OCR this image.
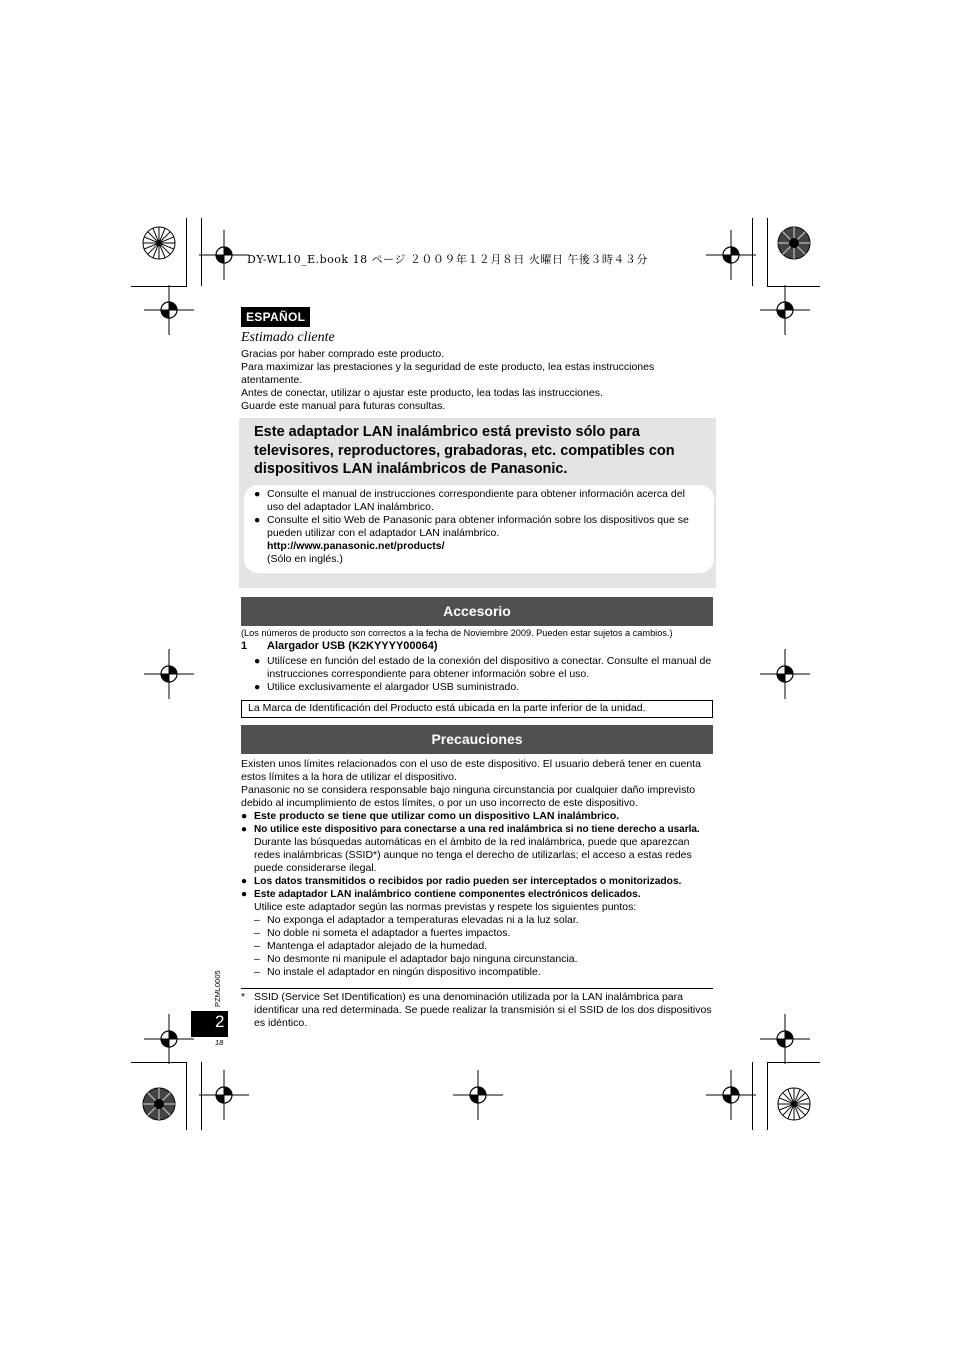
DY-WL10_E.book 18 ページ ２００９年１２月８日 火曜日 午後３時４３分
ESPAÑOL
Estimado cliente

Gracias por haber comprado este producto.

Para maximizar las prestaciones y la seguridad de este producto, lea estas instrucciones atentamente.

Antes de conectar, utilizar o ajustar este producto, lea todas las instrucciones.

Guarde este manual para futuras consultas.

Este adaptador LAN inalámbrico está previsto sólo para televisores, reproductores, grabadoras, etc. compatibles con dispositivos LAN inalámbricos de Panasonic.
● Consulte el manual de instrucciones correspondiente para obtener información acerca del uso del adaptador LAN inalámbrico.
● Consulte el sitio Web de Panasonic para obtener información sobre los dispositivos que se pueden utilizar con el adaptador LAN inalámbrico.
http://www.panasonic.net/products/
(Sólo en inglés.)
Accesorio
(Los números de producto son correctos a la fecha de Noviembre 2009. Pueden estar sujetos a cambios.)
1 Alargador USB (K2KYYYY00064)
● Utilícese en función del estado de la conexión del dispositivo a conectar. Consulte el manual de instrucciones correspondiente para obtener información sobre el uso.
● Utilice exclusivamente el alargador USB suministrado.
La Marca de Identificación del Producto está ubicada en la parte inferior de la unidad.
Precauciones

Existen unos límites relacionados con el uso de este dispositivo. El usuario deberá tener en cuenta estos límites a la hora de utilizar el dispositivo.

Panasonic no se considera responsable bajo ninguna circunstancia por cualquier daño imprevisto debido al incumplimiento de estos límites, o por un uso incorrecto de este dispositivo.

● Este producto se tiene que utilizar como un dispositivo LAN inalámbrico.
● No utilice este dispositivo para conectarse a una red inalámbrica si no tiene derecho a usarla.
Durante las búsquedas automáticas en el ámbito de la red inalámbrica, puede que aparezcan redes inalámbricas (SSID*) aunque no tenga el derecho de utilizarlas; el acceso a estas redes puede considerarse ilegal.
● Los datos transmitidos o recibidos por radio pueden ser interceptados o monitorizados.
● Este adaptador LAN inalámbrico contiene componentes electrónicos delicados.
Utilice este adaptador según las normas previstas y respete los siguientes puntos:
– No exponga el adaptador a temperaturas elevadas ni a la luz solar.
– No doble ni someta el adaptador a fuertes impactos.
– Mantenga el adaptador alejado de la humedad.
– No desmonte ni manipule el adaptador bajo ninguna circunstancia.
– No instale el adaptador en ningún dispositivo incompatible.
* SSID (Service Set IDentification) es una denominación utilizada por la LAN inalámbrica para identificar una red determinada. Se puede realizar la transmisión si el SSID de los dos dispositivos es idéntico.
PZML0005
2
18
